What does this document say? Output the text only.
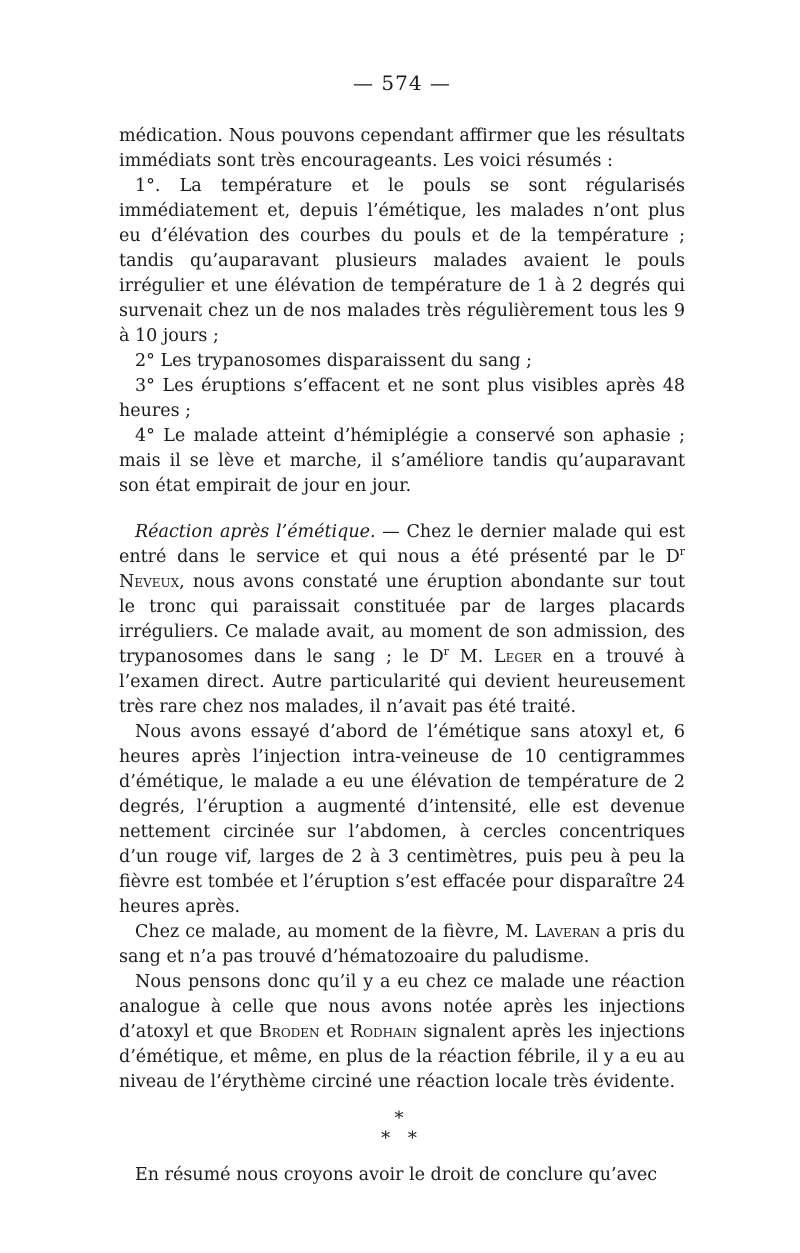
— 574 —

médication. Nous pouvons cependant affirmer que les résultats immédiats sont très encourageants. Les voici résumés :

1°. La température et le pouls se sont régularisés immédiatement et, depuis l’émétique, les malades n’ont plus eu d’élévation des courbes du pouls et de la température ; tandis qu’auparavant plusieurs malades avaient le pouls irrégulier et une élévation de température de 1 à 2 degrés qui survenait chez un de nos malades très régulièrement tous les 9 à 10 jours ;

2° Les trypanosomes disparaissent du sang ;

3° Les éruptions s’effacent et ne sont plus visibles après 48 heures ;

4° Le malade atteint d’hémiplégie a conservé son aphasie ; mais il se lève et marche, il s’améliore tandis qu’auparavant son état empirait de jour en jour.

Réaction après l’émétique. — Chez le dernier malade qui est entré dans le service et qui nous a été présenté par le $D^r$ Neveux, nous avons constaté une éruption abondante sur tout le tronc qui paraissait constituée par de larges placards irréguliers. Ce malade avait, au moment de son admission, des trypanosomes dans le sang ; le $D^r$ M. Leger en a trouvé à l’examen direct. Autre particularité qui devient heureusement très rare chez nos malades, il n’avait pas été traité.

Nous avons essayé d’abord de l’émétique sans atoxyl et, 6 heures après l’injection intra-veineuse de 10 centigrammes d’émétique, le malade a eu une élévation de température de 2 degrés, l’éruption a augmenté d’intensité, elle est devenue nettement circinée sur l’abdomen, à cercles concentriques d’un rouge vif, larges de 2 à 3 centimètres, puis peu à peu la fièvre est tombée et l’éruption s’est effacée pour disparaître 24 heures après.

Chez ce malade, au moment de la fièvre, M. Laveran a pris du sang et n’a pas trouvé d’hématozoaire du paludisme.

Nous pensons donc qu’il y a eu chez ce malade une réaction analogue à celle que nous avons notée après les injections d’atoxyl et que Broden et Rodhain signalent après les injections d’émétique, et même, en plus de la réaction fébrile, il y a eu au niveau de l’érythème circiné une réaction locale très évidente.

*
* *

En résumé nous croyons avoir le droit de conclure qu’avec
